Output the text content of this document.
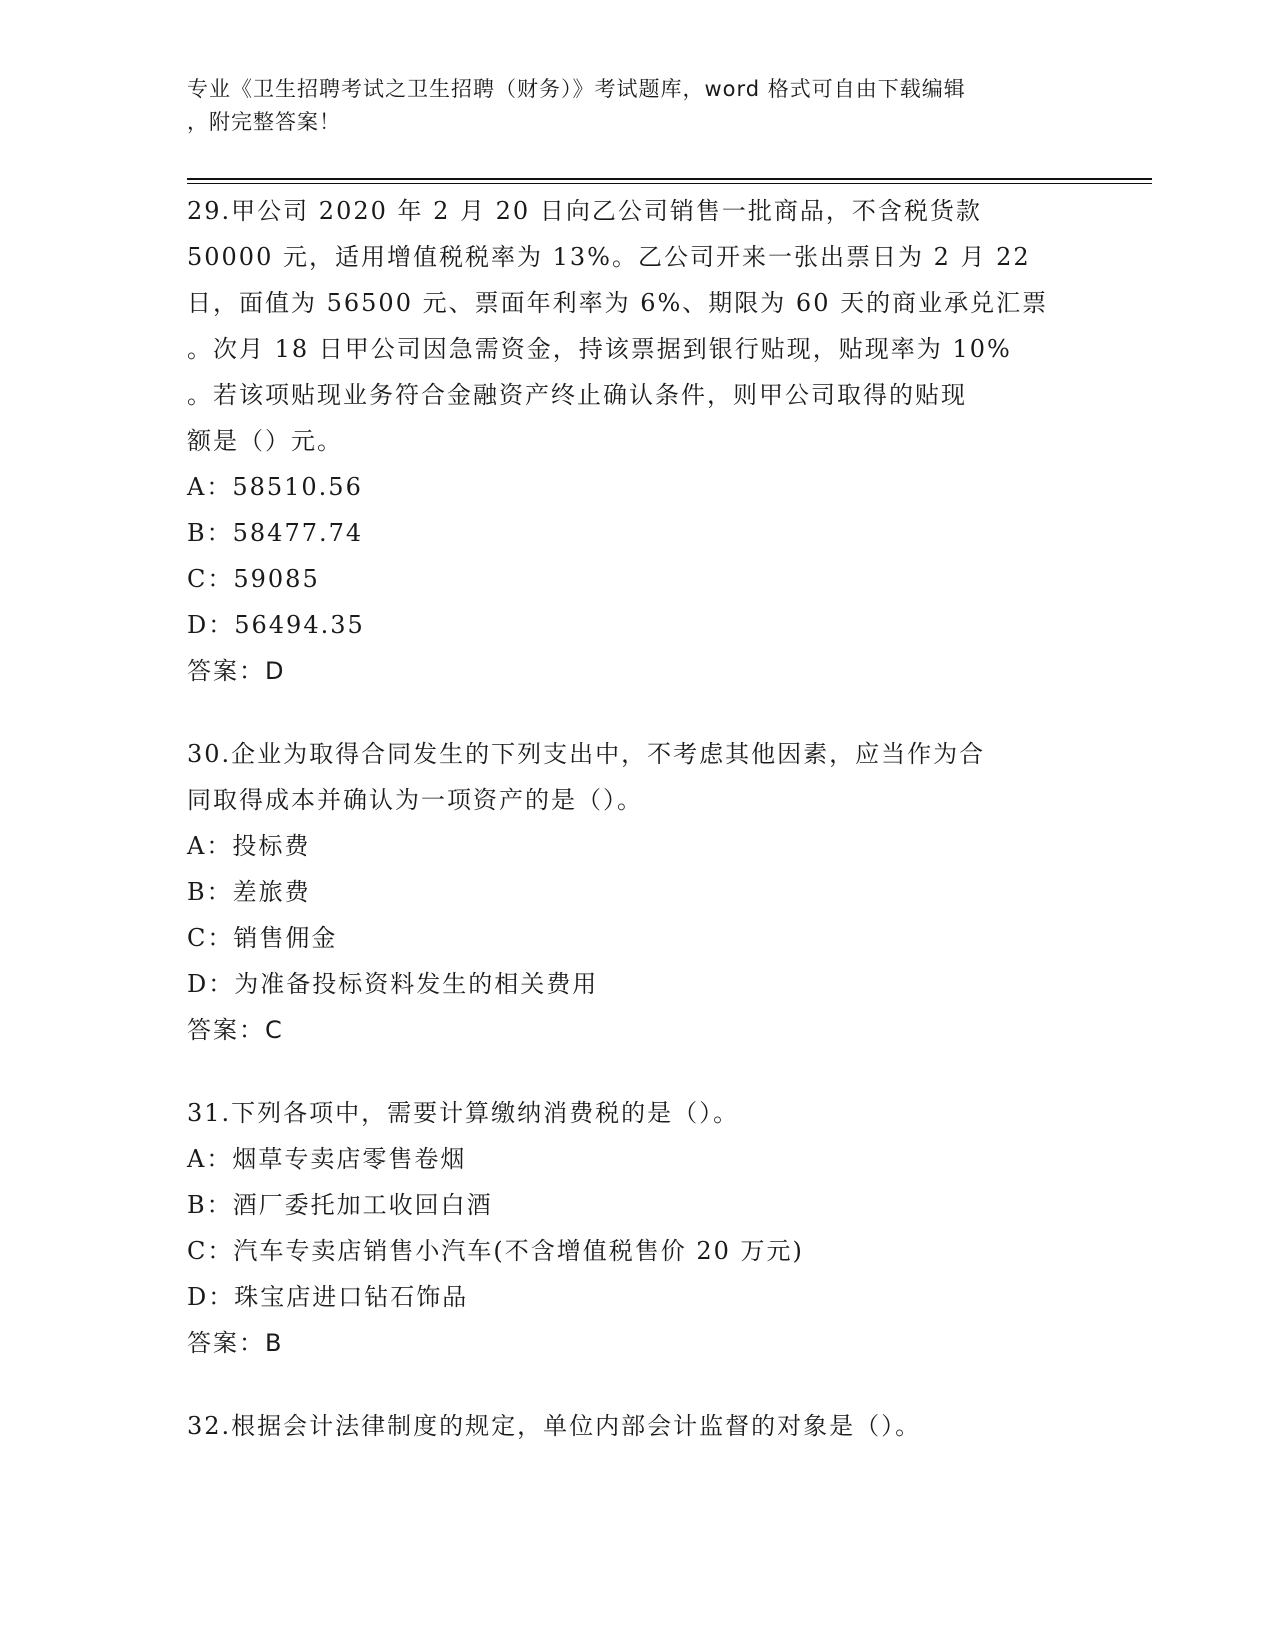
专业《卫生招聘考试之卫生招聘（财务）》考试题库，word 格式可自由下载编辑
，附完整答案！
29.甲公司 2020 年 2 月 20 日向乙公司销售一批商品，不含税货款
50000 元，适用增值税税率为 13%。乙公司开来一张出票日为 2 月 22
日，面值为 56500 元、票面年利率为 6%、期限为 60 天的商业承兑汇票
。次月 18 日甲公司因急需资金，持该票据到银行贴现，贴现率为 10%
。若该项贴现业务符合金融资产终止确认条件，则甲公司取得的贴现
额是（）元。
A：58510.56
B：58477.74
C：59085
D：56494.35
答案：D
30.企业为取得合同发生的下列支出中，不考虑其他因素，应当作为合
同取得成本并确认为一项资产的是（）。
A：投标费
B：差旅费
C：销售佣金
D：为准备投标资料发生的相关费用
答案：C
31.下列各项中，需要计算缴纳消费税的是（）。
A：烟草专卖店零售卷烟
B：酒厂委托加工收回白酒
C：汽车专卖店销售小汽车(不含增值税售价 20 万元)
D：珠宝店进口钻石饰品
答案：B
32.根据会计法律制度的规定，单位内部会计监督的对象是（）。
